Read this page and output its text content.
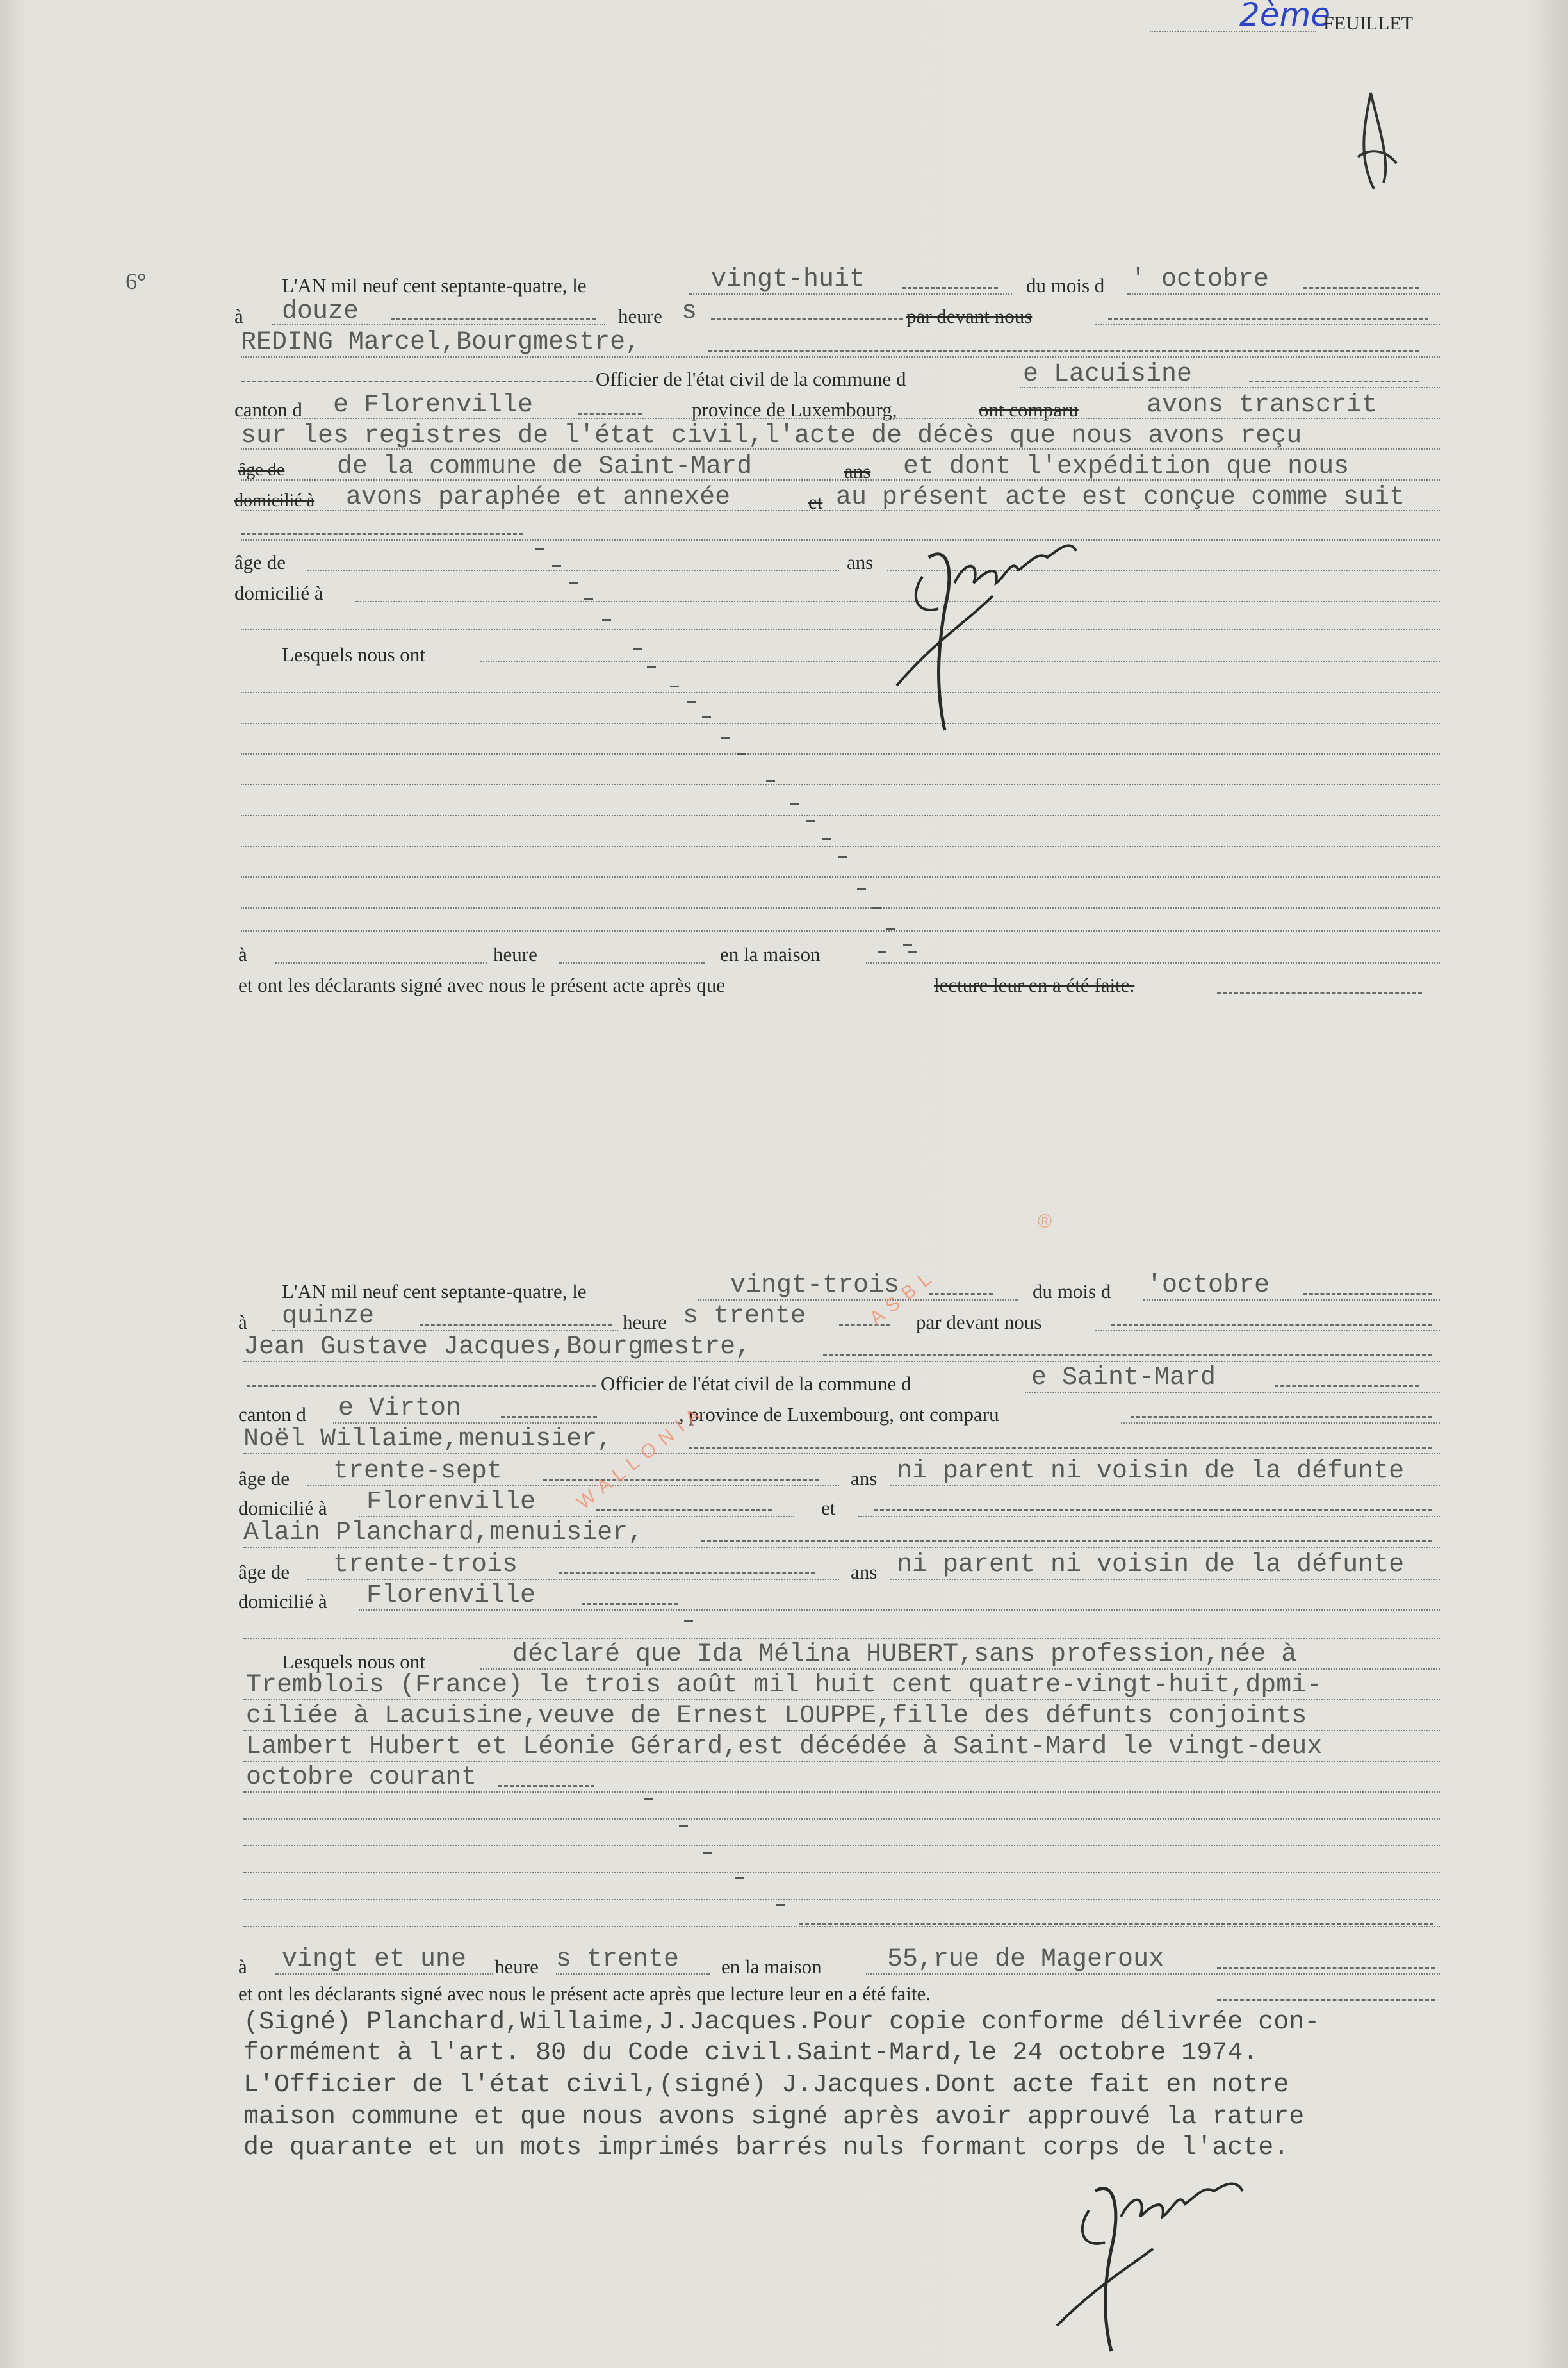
2ème
FEUILLET
6°	L'AN mil neuf cent septante-quatre, le	vingt-huit	du mois d ' octobre
à douze	heure s	par devant nous
REDING Marcel,Bourgmestre,
Officier de l'état civil de la commune d	e Lacuisine
canton d e Florenville	province de Luxembourg,	ont comparu	avons transcrit
sur les registres de l'état civil,l'acte de décès que nous avons reçu
âge de de la commune de Saint-Mard	ans et dont l'expédition que nous
domicilié à avons paraphée et annexée	et au présent acte est conçue comme suit
âge de	ans
domicilié à
Lesquels nous ont
à	heure	en la maison
et ont les déclarants signé avec nous le présent acte après que	lecture leur en a été faite.
L'AN mil neuf cent septante-quatre, le	vingt-trois	du mois d 'octobre
à quinze	heure s trente	par devant nous
Jean Gustave Jacques,Bourgmestre,
Officier de l'état civil de la commune d	e Saint-Mard
canton d e Virton	, province de Luxembourg, ont comparu
Noël Willaime,menuisier,
âge de trente-sept	ans ni parent ni voisin de la défunte
domicilié à Florenville	et
Alain Planchard,menuisier,
âge de trente-trois	ans ni parent ni voisin de la défunte
domicilié à Florenville
Lesquels nous ont	déclaré que Ida Mélina HUBERT,sans profession,née à
Tremblois (France) le trois août mil huit cent quatre-vingt-huit,dpmi-
ciliée à Lacuisine,veuve de Ernest LOUPPE,fille des défunts conjoints
Lambert Hubert et Léonie Gérard,est décédée à Saint-Mard le vingt-deux
octobre courant
à vingt et une heure s trente en la maison	55,rue de Mageroux
et ont les déclarants signé avec nous le présent acte après que lecture leur en a été faite.
(Signé) Planchard,Willaime,J.Jacques.Pour copie conforme délivrée con-
formément à l'art. 80 du Code civil.Saint-Mard,le 24 octobre 1974.
L'Officier de l'état civil,(signé) J.Jacques.Dont acte fait en notre
maison commune et que nous avons signé après avoir approuvé la rature
de quarante et un mots imprimés barrés nuls formant corps de l'acte.
A S B L
®
W A L L O N I A
